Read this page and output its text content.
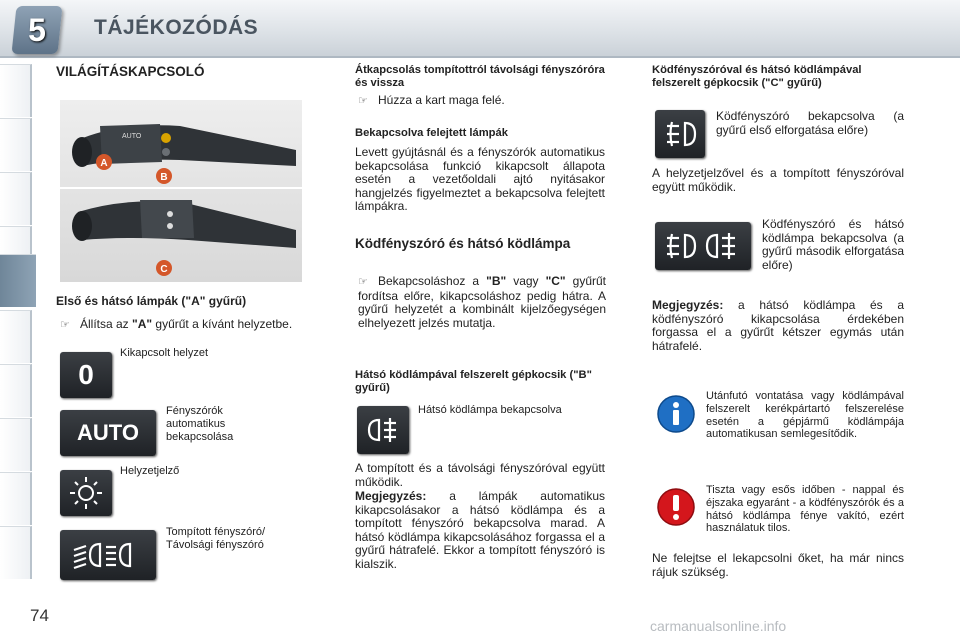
5	TÁJÉKOZÓDÁS
VILÁGÍTÁSKAPCSOLÓ
AUTO
A
B
C
Első és hátsó lámpák ("A" gyűrű)
☞ Állítsa az "A" gyűrűt a kívánt helyzetbe.
0
Kikapcsolt helyzet
AUTO
Fényszórók automatikus bekapcsolása
Helyzetjelző
Tompított fényszóró/ Távolsági fényszóró
Átkapcsolás tompítottról távolsági fényszóróra és vissza
☞ Húzza a kart maga felé.
Bekapcsolva felejtett lámpák
Levett gyújtásnál és a fényszórók automatikus bekapcsolása funkció kikapcsolt állapota esetén a vezetőoldali ajtó nyitásakor hangjelzés figyelmeztet a bekapcsolva felejtett lámpákra.
Ködfényszóró és hátsó ködlámpa
☞ Bekapcsoláshoz a "B" vagy "C" gyűrűt fordítsa előre, kikapcsoláshoz pedig hátra. A gyűrű helyzetét a kombinált kijelzőegységen elhelyezett jelzés mutatja.
Hátsó ködlámpával felszerelt gépkocsik ("B" gyűrű)
Hátsó ködlámpa bekapcsolva
A tompított és a távolsági fényszóróval együtt működik.
Megjegyzés: a lámpák automatikus kikapcsolásakor a hátsó ködlámpa és a tompított fényszóró bekapcsolva marad. A hátsó ködlámpa kikapcsolásához forgassa el a gyűrű hátrafelé. Ekkor a tompított fényszóró is kialszik.
Ködfényszóróval és hátsó ködlámpával felszerelt gépkocsik ("C" gyűrű)
Ködfényszóró bekapcsolva (a gyűrű első elforgatása előre)
A helyzetjelzővel és a tompított fényszóróval együtt működik.
Ködfényszóró és hátsó ködlámpa bekapcsolva (a gyűrű második elforgatása előre)
Megjegyzés: a hátsó ködlámpa és a ködfényszóró kikapcsolása érdekében forgassa el a gyűrűt kétszer egymás után hátrafelé.
Utánfutó vontatása vagy ködlámpával felszerelt kerékpártartó felszerelése esetén a gépjármű ködlámpája automatikusan semlegesítődik.
Tiszta vagy esős időben - nappal és éjszaka egyaránt - a ködfényszórók és a hátsó ködlámpa fénye vakító, ezért használatuk tilos.
Ne felejtse el lekapcsolni őket, ha már nincs rájuk szükség.
74
carmanualsonline.info
